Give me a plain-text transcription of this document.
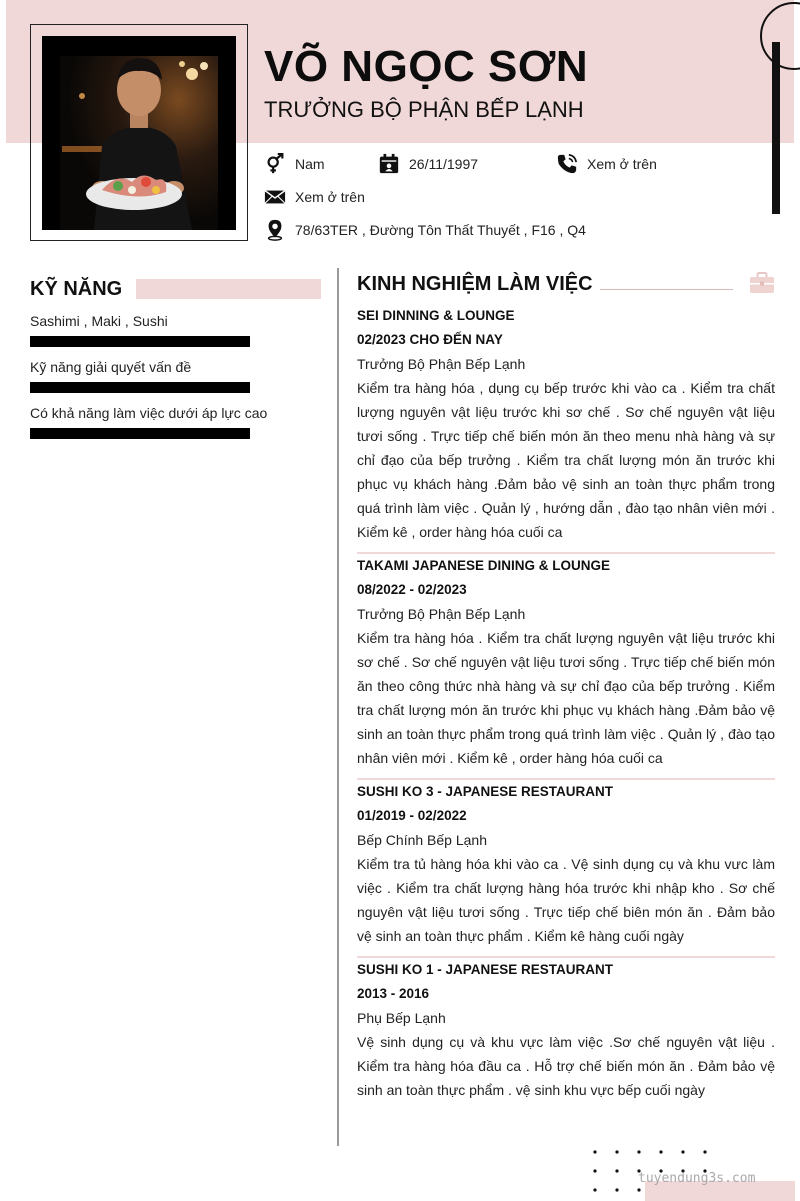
VÕ NGỌC SƠN
TRƯỞNG BỘ PHẬN BẾP LẠNH
Nam	26/11/1997	Xem ở trên
Xem ở trên
78/63TER , Đường Tôn Thất Thuyết , F16 , Q4
KỸ NĂNG
Sashimi , Maki , Sushi
Kỹ năng giải quyết vấn đề
Có khả năng làm việc dưới áp lực cao
KINH NGHIỆM LÀM VIỆC
SEI DINNING & LOUNGE
02/2023 CHO ĐẾN NAY
Trưởng Bộ Phận Bếp Lạnh
Kiểm tra hàng hóa , dụng cụ bếp trước khi vào ca . Kiểm tra chất lượng nguyên vật liệu trước khi sơ chế . Sơ chế nguyên vật liệu tươi sống . Trực tiếp chế biến món ăn theo menu nhà hàng và sự chỉ đạo của bếp trưởng . Kiểm tra chất lượng món ăn trước khi phục vụ khách hàng .Đảm bảo vệ sinh an toàn thực phẩm trong quá trình làm việc . Quản lý , hướng dẫn , đào tạo nhân viên mới . Kiểm kê , order hàng hóa cuối ca
TAKAMI JAPANESE DINING & LOUNGE
08/2022 - 02/2023
Trưởng Bộ Phận Bếp Lạnh
Kiểm tra hàng hóa . Kiểm tra chất lượng nguyên vật liệu trước khi sơ chế . Sơ chế nguyên vật liệu tươi sống . Trực tiếp chế biến món ăn theo công thức nhà hàng và sự chỉ đạo của bếp trưởng . Kiểm tra chất lượng món ăn trước khi phục vụ khách hàng .Đảm bảo vệ sinh an toàn thực phẩm trong quá trình làm việc . Quản lý , đào tạo nhân viên mới . Kiểm kê , order hàng hóa cuối ca
SUSHI KO 3 - JAPANESE RESTAURANT
01/2019 - 02/2022
Bếp Chính Bếp Lạnh
Kiểm tra tủ hàng hóa khi vào ca . Vệ sinh dụng cụ và khu vưc làm việc . Kiểm tra chất lượng hàng hóa trước khi nhập kho . Sơ chế nguyên vật liệu tươi sống . Trực tiếp chế biên món ăn . Đảm bảo vệ sinh an toàn thực phẩm . Kiểm kê hàng cuối ngày
SUSHI KO 1 - JAPANESE RESTAURANT
2013 - 2016
Phụ Bếp Lạnh
Vệ sinh dụng cụ và khu vực làm việc .Sơ chế nguyên vật liệu . Kiểm tra hàng hóa đầu ca . Hỗ trợ chế biến món ăn . Đảm bảo vệ sinh an toàn thực phẩm . vệ sinh khu vực bếp cuối ngày
tuyendung3s.com
